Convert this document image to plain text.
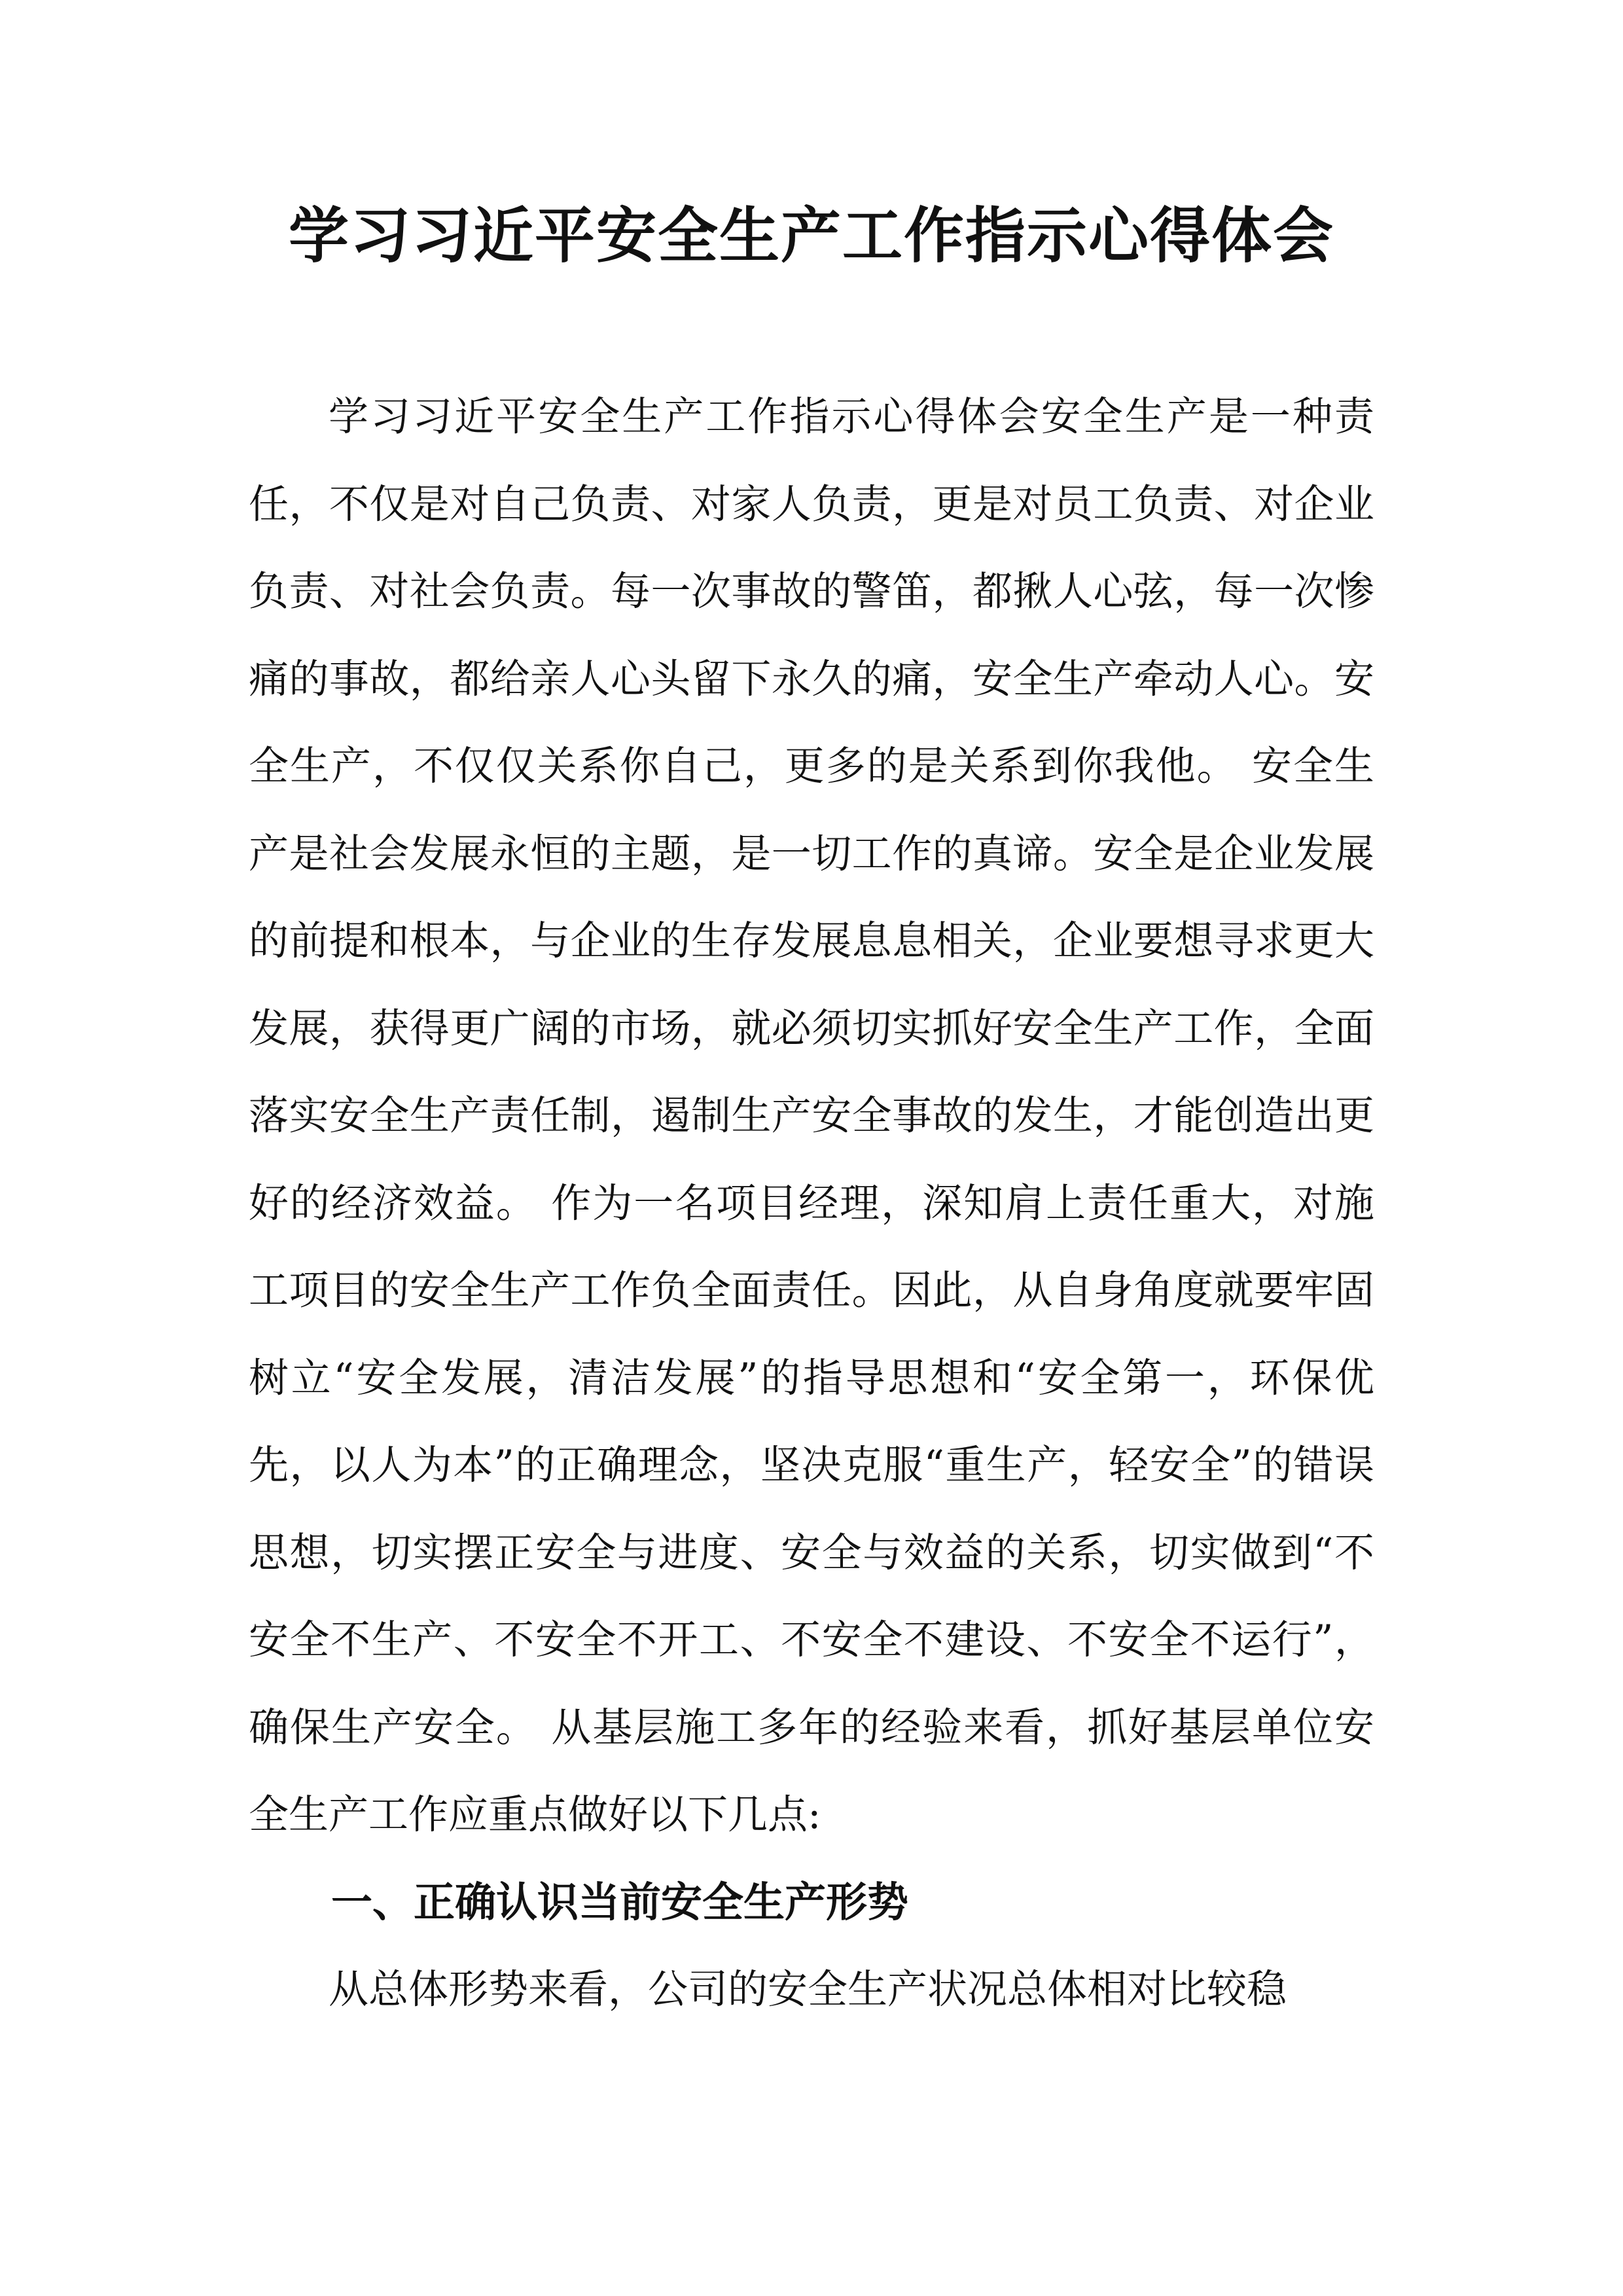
学习习近平安全生产工作指示心得体会

学习习近平安全生产工作指示心得体会安全生产是一种责任，不仅是对自己负责、对家人负责，更是对员工负责、对企业负责、对社会负责。每一次事故的警笛，都揪人心弦，每一次惨痛的事故，都给亲人心头留下永久的痛，安全生产牵动人心。安全生产，不仅仅关系你自己，更多的是关系到你我他。 安全生产是社会发展永恒的主题，是一切工作的真谛。安全是企业发展的前提和根本，与企业的生存发展息息相关，企业要想寻求更大发展，获得更广阔的市场，就必须切实抓好安全生产工作，全面落实安全生产责任制，遏制生产安全事故的发生，才能创造出更好的经济效益。 作为一名项目经理，深知肩上责任重大，对施工项目的安全生产工作负全面责任。因此，从自身角度就要牢固树立“安全发展，清洁发展”的指导思想和“安全第一，环保优先，以人为本”的正确理念，坚决克服“重生产，轻安全”的错误思想，切实摆正安全与进度、安全与效益的关系，切实做到“不安全不生产、不安全不开工、不安全不建设、不安全不运行”，确保生产安全。 从基层施工多年的经验来看，抓好基层单位安全生产工作应重点做好以下几点:

一、正确认识当前安全生产形势

从总体形势来看，公司的安全生产状况总体相对比较稳
